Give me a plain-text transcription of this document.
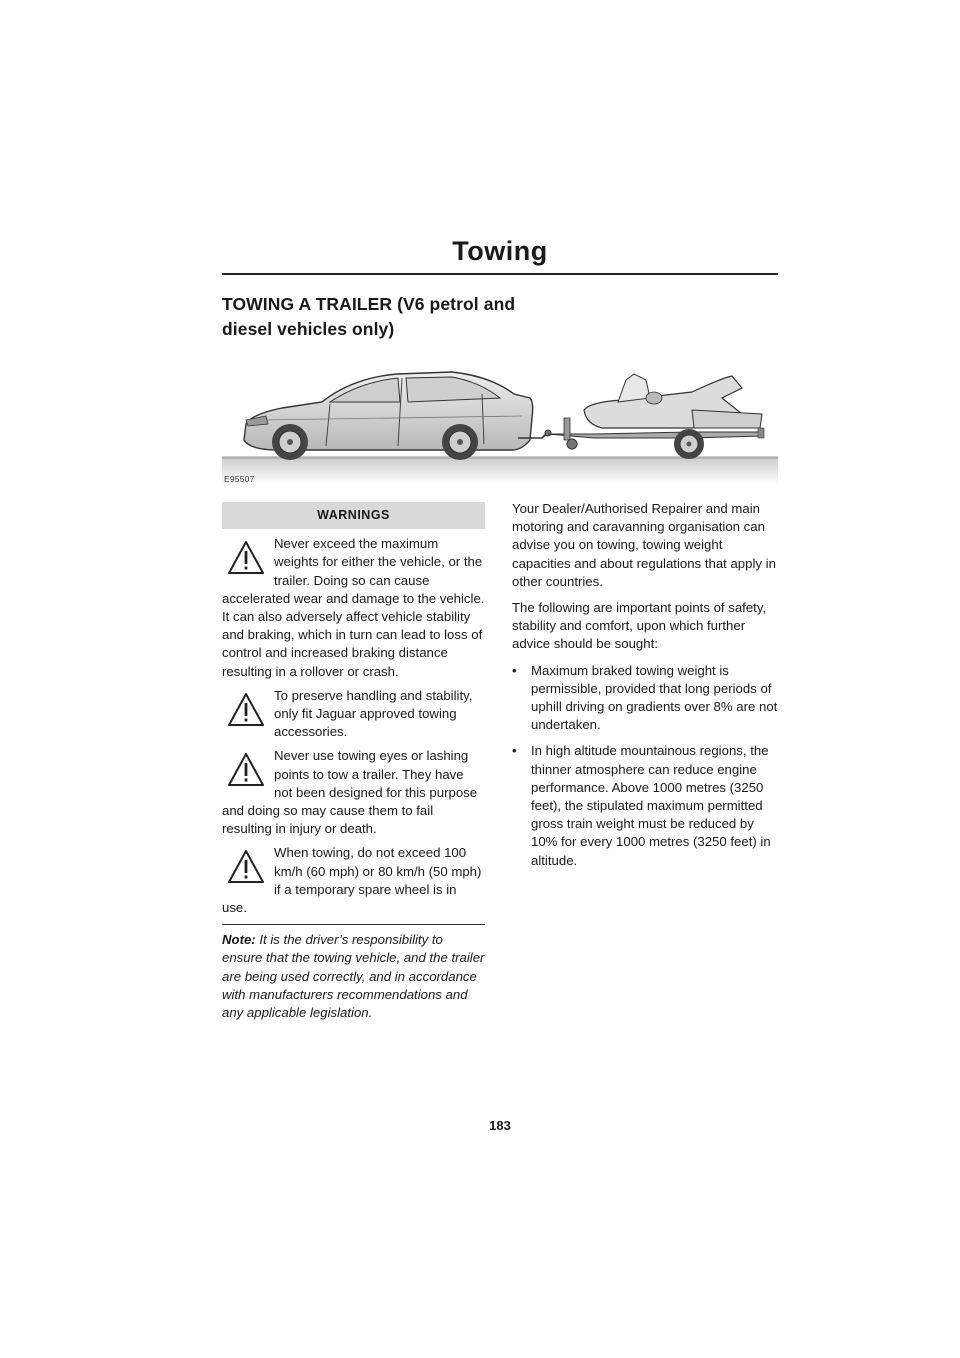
Towing
TOWING A TRAILER (V6 petrol and
diesel vehicles only)
E95507
WARNINGS

Never exceed the maximum weights for either the vehicle, or the trailer. Doing so can cause accelerated wear and damage to the vehicle. It can also adversely affect vehicle stability and braking, which in turn can lead to loss of control and increased braking distance resulting in a rollover or crash.

To preserve handling and stability, only fit Jaguar approved towing accessories.

Never use towing eyes or lashing points to tow a trailer. They have not been designed for this purpose and doing so may cause them to fail resulting in injury or death.

When towing, do not exceed 100 km/h (60 mph) or 80 km/h (50 mph) if a temporary spare wheel is in use.

Note: It is the driver’s responsibility to ensure that the towing vehicle, and the trailer are being used correctly, and in accordance with manufacturers recommendations and any applicable legislation.

Your Dealer/Authorised Repairer and main motoring and caravanning organisation can advise you on towing, towing weight capacities and about regulations that apply in other countries.

The following are important points of safety, stability and comfort, upon which further advice should be sought:

• Maximum braked towing weight is permissible, provided that long periods of uphill driving on gradients over 8% are not undertaken.
• In high altitude mountainous regions, the thinner atmosphere can reduce engine performance. Above 1000 metres (3250 feet), the stipulated maximum permitted gross train weight must be reduced by 10% for every 1000 metres (3250 feet) in altitude.
183
